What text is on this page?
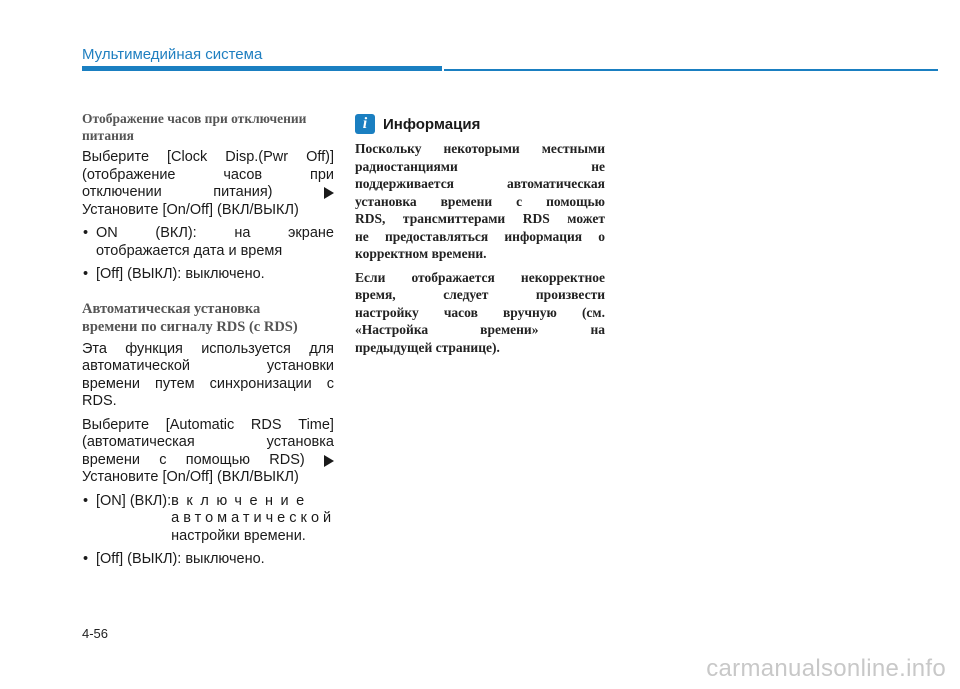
Мультимедийная система
Отображение часов при отключении
питания
Выберите [Clock Disp.(Pwr Off)]
(отображение	часов	при
отключении	питания)
Установите [On/Off] (ВКЛ/ВЫКЛ)
• ON	(ВКЛ):	на	экране
отображается дата и время
• [Off] (ВЫКЛ): выключено.
Автоматическая установка
времени по сигналу RDS (с RDS)
Эта функция используется для
автоматической	установки
времени путем синхронизации с
RDS.
Выберите [Automatic RDS Time]
(автоматическая	установка
времени с помощью RDS)
Установите [On/Off] (ВКЛ/ВЫКЛ)
• [ON] (ВКЛ): включение
автоматической
настройки времени.
• [Off] (ВЫКЛ): выключено.
i	Информация
Поскольку некоторыми местными
радиостанциями	не
поддерживается	автоматическая
установка времени с помощью
RDS, трансмиттерами RDS может
не предоставляться информация о
корректном времени.
Если отображается некорректное
время,	следует	произвести
настройку часов вручную (см.
«Настройка	времени»	на
предыдущей странице).
4-56
carmanualsonline.info
